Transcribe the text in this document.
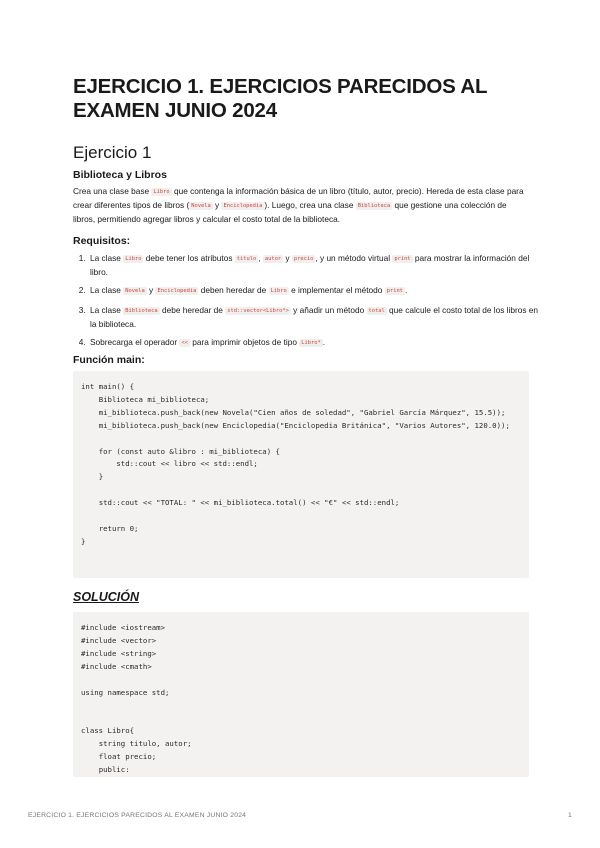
EJERCICIO 1. EJERCICIOS PARECIDOS AL EXAMEN JUNIO 2024
Ejercicio 1

Biblioteca y Libros

Crea una clase base Libro que contenga la información básica de un libro (título, autor, precio). Hereda de esta clase para crear diferentes tipos de libros ( Novela y Enciclopedia ). Luego, crea una clase Biblioteca que gestione una colección de libros, permitiendo agregar libros y calcular el costo total de la biblioteca.

Requisitos:

1. La clase Libro debe tener los atributos titulo , autor y precio , y un método virtual print para mostrar la información del libro.
2. La clase Novela y Enciclopedia deben heredar de Libro e implementar el método print .
3. La clase Biblioteca debe heredar de std::vector<Libro*> y añadir un método total que calcule el costo total de los libros en la biblioteca.
4. Sobrecarga el operador << para imprimir objetos de tipo Libro* .

Función main:

int main() {
Biblioteca mi_biblioteca;
mi_biblioteca.push_back(new Novela("Cien años de soledad", "Gabriel García Márquez", 15.5));
mi_biblioteca.push_back(new Enciclopedia("Enciclopedia Británica", "Varios Autores", 120.0));

for (const auto &libro : mi_biblioteca) {
std::cout << libro << std::endl;
}

std::cout << "TOTAL: " << mi_biblioteca.total() << "€" << std::endl;

return 0;
}

SOLUCIÓN

#include <iostream>
#include <vector>
#include <string>
#include <cmath>

using namespace std;

class Libro{
string titulo, autor;
float precio;
public:
EJERCICIO 1. EJERCICIOS PARECIDOS AL EXAMEN JUNIO 2024	1
